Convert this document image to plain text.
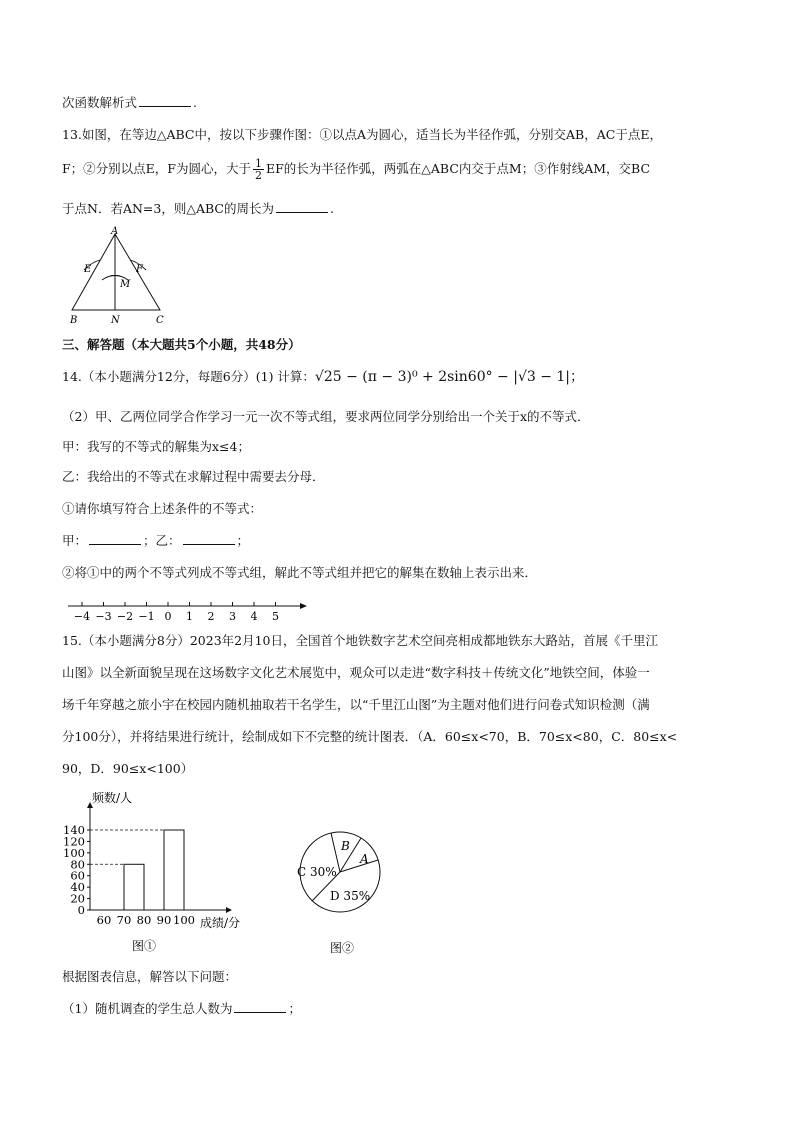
次函数解析式	.
13.如图，在等边△ABC中，按以下步骤作图：①以点A为圆心，适当长为半径作弧，分别交AB，AC于点E，
F；②分别以点E，F为圆心，大于 $\frac{1}{2}$ EF的长为半径作弧，两弧在△ABC内交于点M；③作射线AM，交BC
于点N．若AN=3，则△ABC的周长为	.
A
E	F
M
B	N	C
三、解答题（本大题共5个小题，共48分）
14.（本小题满分12分，每题6分）(1) 计算：√25 − (π − 3)⁰ + 2sin60° − |√3 − 1|；
（2）甲、乙两位同学合作学习一元一次不等式组，要求两位同学分别给出一个关于x的不等式．
甲：我写的不等式的解集为x≤4；
乙：我给出的不等式在求解过程中需要去分母．
①请你填写符合上述条件的不等式：
甲：	；乙：	；
②将①中的两个不等式列成不等式组，解此不等式组并把它的解集在数轴上表示出来．
−4 −3 −2 −1 0 1 2 3 4 5
15.（本小题满分8分）2023年2月10日，全国首个地铁数字艺术空间亮相成都地铁东大路站，首展《千里江
山图》以全新面貌呈现在这场数字文化艺术展览中，观众可以走进“数字科技＋传统文化”地铁空间，体验一
场千年穿越之旅小宇在校园内随机抽取若干名学生，以“千里江山图”为主题对他们进行问卷式知识检测（满
分100分），并将结果进行统计，绘制成如下不完整的统计图表．（A．60≤x<70，B．70≤x<80，C．80≤x<
90，D．90≤x<100）
0
20
40
60
80
100
120
140
60 70 80 90 100
频数/人
成绩/分
图①
B
A
C 30%
D 35%
图②
根据图表信息，解答以下问题：
（1）随机调查的学生总人数为	；
